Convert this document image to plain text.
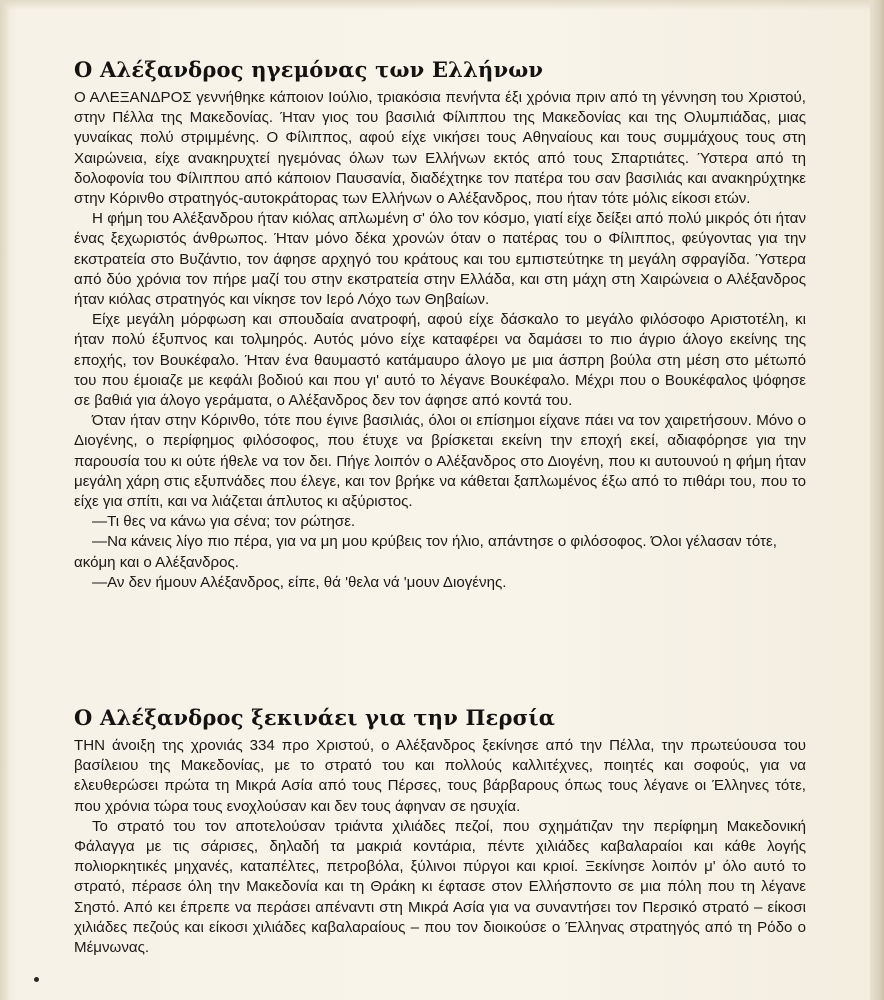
Ο Αλέξανδρος ηγεμόνας των Ελλήνων

Ο ΑΛΕΞΑΝΔΡΟΣ γεννήθηκε κάποιον Ιούλιο, τριακόσια πενήντα έξι χρόνια πριν από τη γέννηση του Χριστού, στην Πέλλα της Μακεδονίας. Ήταν γιος του βασιλιά Φίλιππου της Μακεδονίας και της Ολυμπιάδας, μιας γυναίκας πολύ στριμμένης. Ο Φίλιππος, αφού είχε νικήσει τους Αθηναίους και τους συμμάχους τους στη Χαιρώνεια, είχε ανακηρυχτεί ηγεμόνας όλων των Ελλήνων εκτός από τους Σπαρτιάτες. Ύστερα από τη δολοφονία του Φίλιππου από κάποιον Παυσανία, διαδέχτηκε τον πατέρα του σαν βασιλιάς και ανακηρύχτηκε στην Κόρινθο στρατηγός-αυτοκράτορας των Ελλήνων ο Αλέξανδρος, που ήταν τότε μόλις είκοσι ετών.

Η φήμη του Αλέξανδρου ήταν κιόλας απλωμένη σ' όλο τον κόσμο, γιατί είχε δείξει από πολύ μικρός ότι ήταν ένας ξεχωριστός άνθρωπος. Ήταν μόνο δέκα χρονών όταν ο πατέρας του ο Φίλιππος, φεύγοντας για την εκστρατεία στο Βυζάντιο, τον άφησε αρχηγό του κράτους και του εμπιστεύτηκε τη μεγάλη σφραγίδα. Ύστερα από δύο χρόνια τον πήρε μαζί του στην εκστρατεία στην Ελλάδα, και στη μάχη στη Χαιρώνεια ο Αλέξανδρος ήταν κιόλας στρατηγός και νίκησε τον Ιερό Λόχο των Θηβαίων.

Είχε μεγάλη μόρφωση και σπουδαία ανατροφή, αφού είχε δάσκαλο το μεγάλο φιλόσοφο Αριστοτέλη, κι ήταν πολύ έξυπνος και τολμηρός. Αυτός μόνο είχε καταφέρει να δαμάσει το πιο άγριο άλογο εκείνης της εποχής, τον Βουκέφαλο. Ήταν ένα θαυμαστό κατάμαυρο άλογο με μια άσπρη βούλα στη μέση στο μέτωπό του που έμοιαζε με κεφάλι βοδιού και που γι' αυτό το λέγανε Βουκέφαλο. Μέχρι που ο Βουκέφαλος ψόφησε σε βαθιά για άλογο γεράματα, ο Αλέξανδρος δεν τον άφησε από κοντά του.

Όταν ήταν στην Κόρινθο, τότε που έγινε βασιλιάς, όλοι οι επίσημοι είχανε πάει να τον χαιρετήσουν. Μόνο ο Διογένης, ο περίφημος φιλόσοφος, που έτυχε να βρίσκεται εκείνη την εποχή εκεί, αδιαφόρησε για την παρουσία του κι ούτε ήθελε να τον δει. Πήγε λοιπόν ο Αλέξανδρος στο Διογένη, που κι αυτουνού η φήμη ήταν μεγάλη χάρη στις εξυπνάδες που έλεγε, και τον βρήκε να κάθεται ξαπλωμένος έξω από το πιθάρι του, που το είχε για σπίτι, και να λιάζεται άπλυτος κι αξύριστος.

—Τι θες να κάνω για σένα; τον ρώτησε.

—Να κάνεις λίγο πιο πέρα, για να μη μου κρύβεις τον ήλιο, απάντησε ο φιλόσοφος. Όλοι γέλασαν τότε, ακόμη και ο Αλέξανδρος.

—Αν δεν ήμουν Αλέξανδρος, είπε, θά 'θελα νά 'μουν Διογένης.

Ο Αλέξανδρος ξεκινάει για την Περσία

ΤΗΝ άνοιξη της χρονιάς 334 πρo Χριστού, ο Αλέξανδρος ξεκίνησε από την Πέλλα, την πρωτεύουσα του βασίλειου της Μακεδονίας, με το στρατό του και πολλούς καλλιτέχνες, ποιητές και σοφούς, για να ελευθερώσει πρώτα τη Μικρά Ασία από τους Πέρσες, τους βάρβαρους όπως τους λέγανε οι Έλληνες τότε, που χρόνια τώρα τους ενοχλούσαν και δεν τους άφηναν σε ησυχία.

Το στρατό του τον αποτελούσαν τριάντα χιλιάδες πεζοί, που σχημάτιζαν την περίφημη Μακεδονική Φάλαγγα με τις σάρισες, δηλαδή τα μακριά κοντάρια, πέντε χιλιάδες καβαλαραίοι και κάθε λογής πολιορκητικές μηχανές, καταπέλτες, πετροβόλα, ξύλινοι πύργοι και κριοί. Ξεκίνησε λοιπόν μ' όλο αυτό το στρατό, πέρασε όλη την Μακεδονία και τη Θράκη κι έφτασε στον Ελλήσποντο σε μια πόλη που τη λέγανε Σηστό. Από κει έπρεπε να περάσει απέναντι στη Μικρά Ασία για να συναντήσει τον Περσικό στρατό – είκοσι χιλιάδες πεζούς και είκοσι χιλιάδες καβαλαραίους – που τον διοικούσε ο Έλληνας στρατηγός από τη Ρόδο ο Μέμνωνας.
